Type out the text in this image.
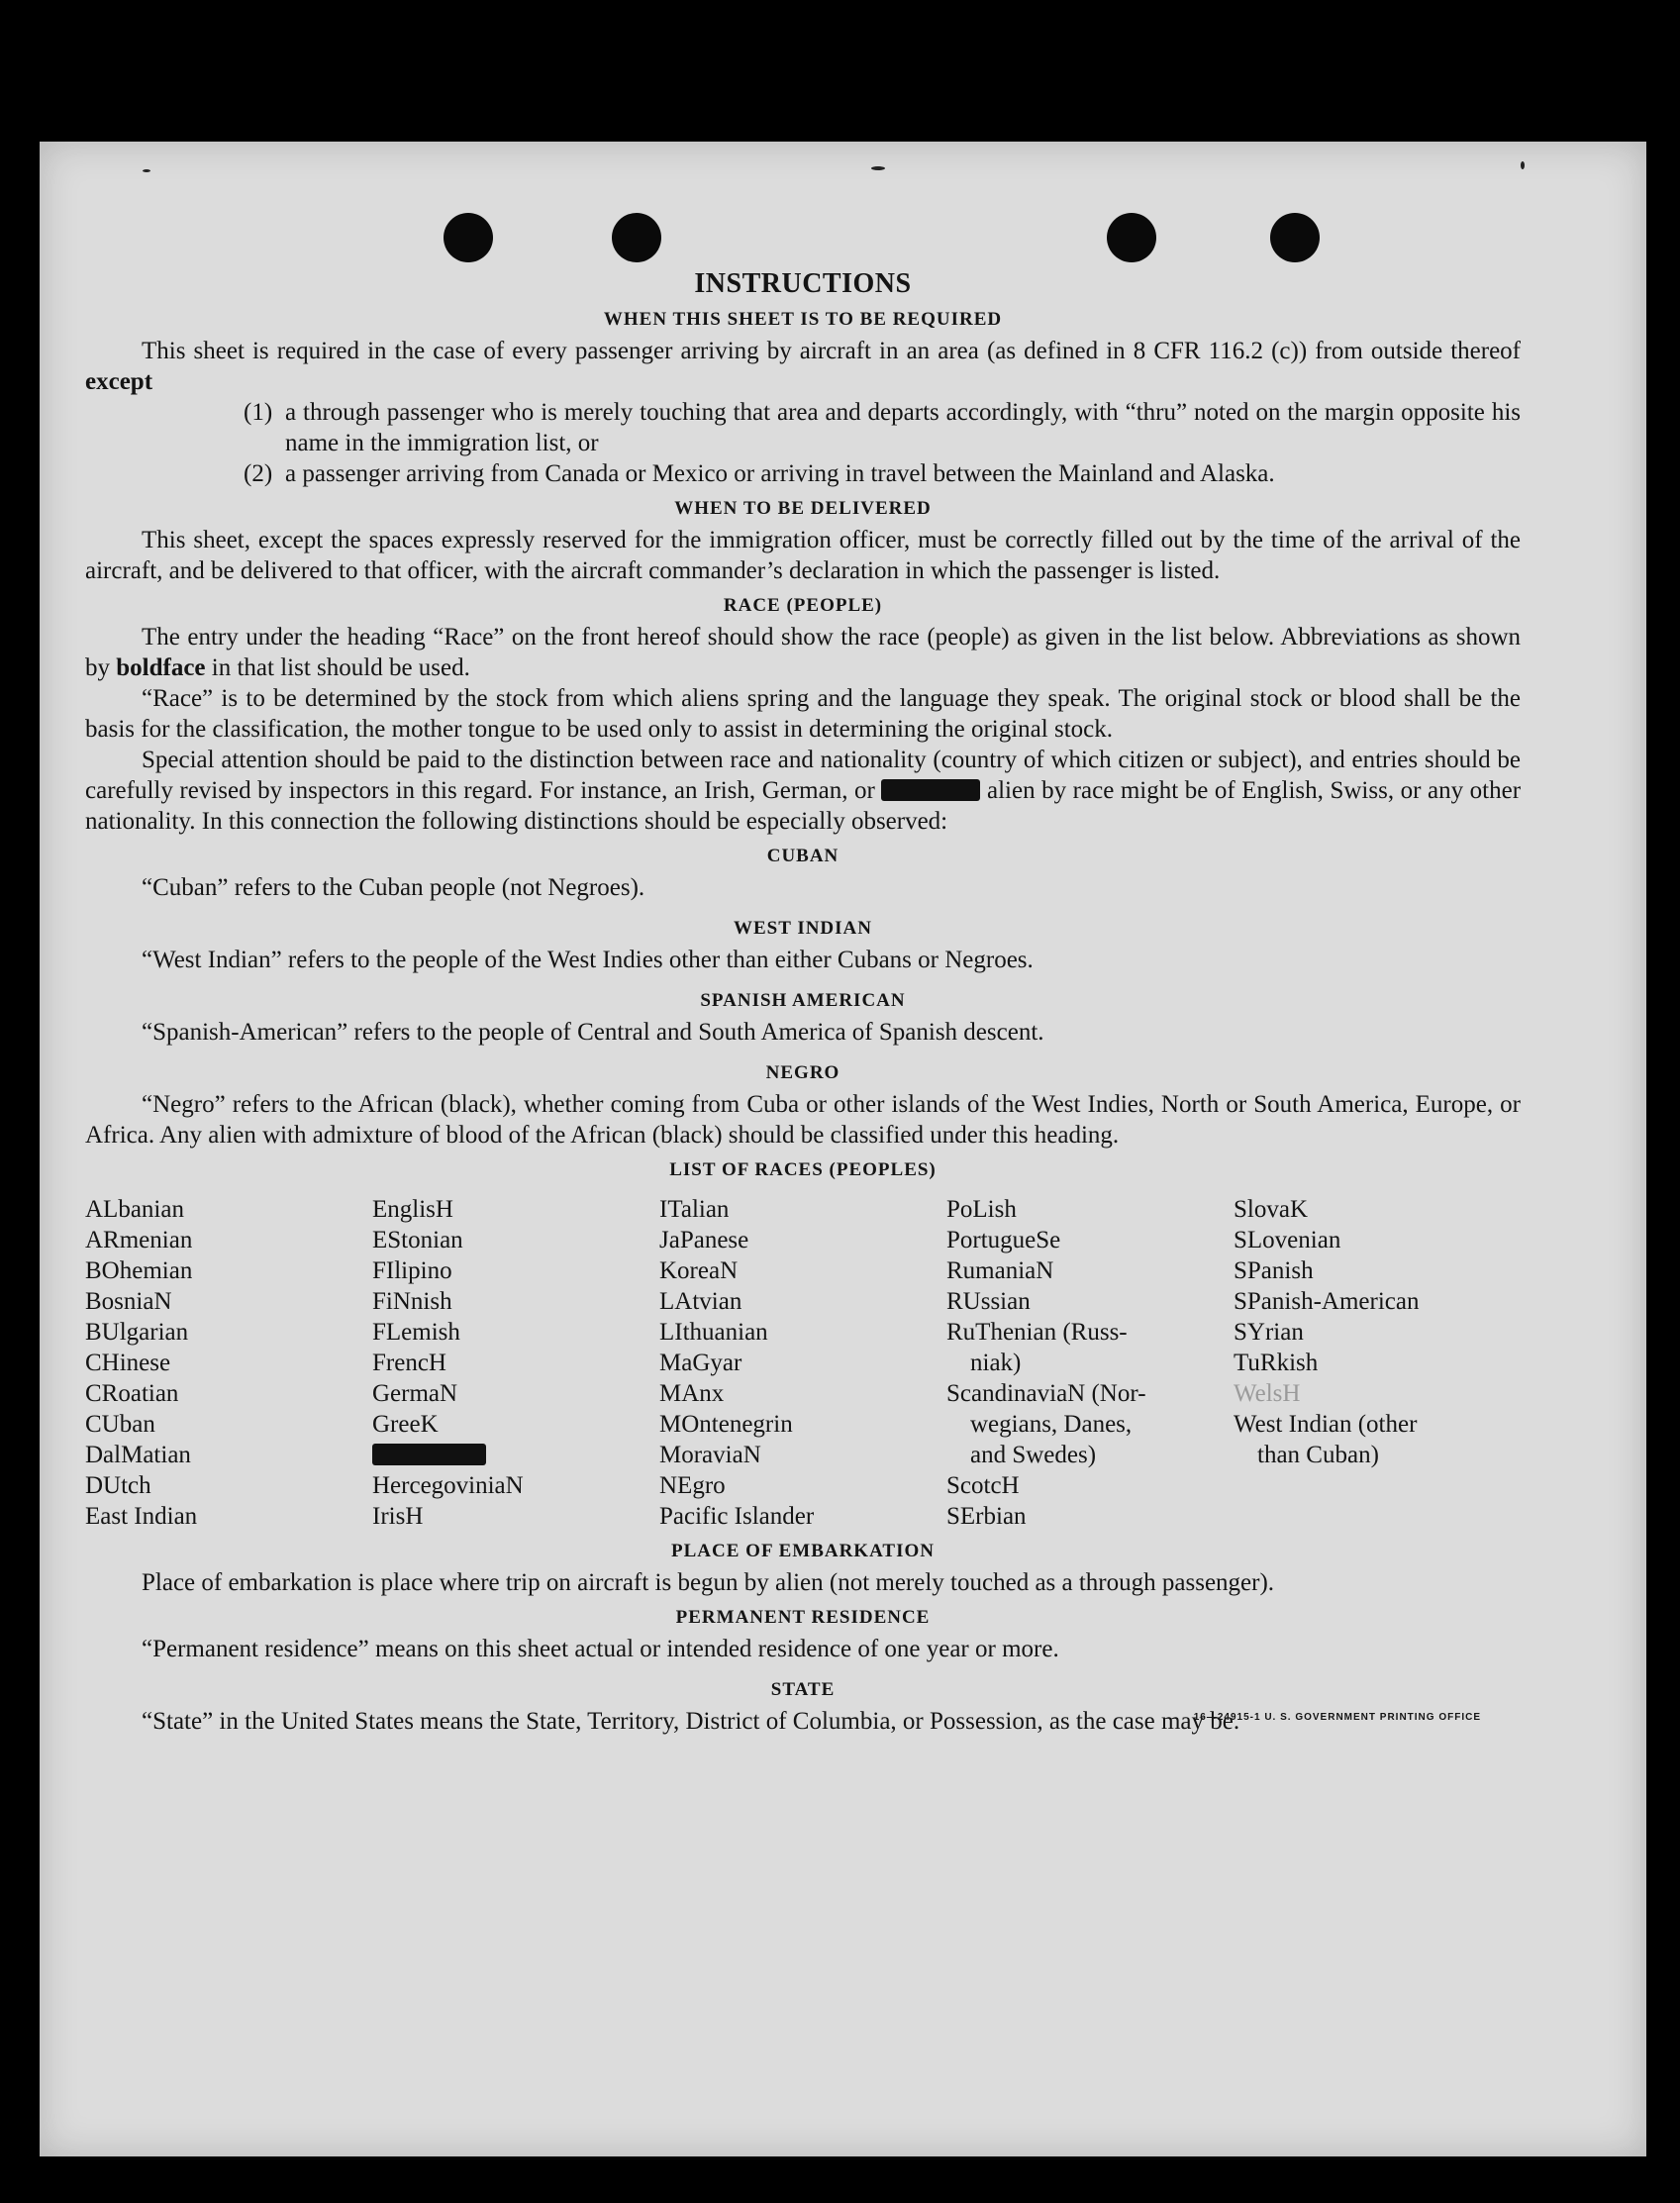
INSTRUCTIONS
WHEN THIS SHEET IS TO BE REQUIRED

This sheet is required in the case of every passenger arriving by aircraft in an area (as defined in 8 CFR 116.2 (c)) from outside thereof except

(1) a through passenger who is merely touching that area and departs accordingly, with “thru” noted on the margin opposite his name in the immigration list, or

(2) a passenger arriving from Canada or Mexico or arriving in travel between the Mainland and Alaska.

WHEN TO BE DELIVERED

This sheet, except the spaces expressly reserved for the immigration officer, must be correctly filled out by the time of the arrival of the aircraft, and be delivered to that officer, with the aircraft commander’s declaration in which the passenger is listed.

RACE (PEOPLE)

The entry under the heading “Race” on the front hereof should show the race (people) as given in the list below. Abbreviations as shown by boldface in that list should be used.

“Race” is to be determined by the stock from which aliens spring and the language they speak. The original stock or blood shall be the basis for the classification, the mother tongue to be used only to assist in determining the original stock.

Special attention should be paid to the distinction between race and nationality (country of which citizen or subject), and entries should be carefully revised by inspectors in this regard. For instance, an Irish, German, or	alien by race might be of English, Swiss, or any other nationality. In this connection the following distinctions should be especially observed:

CUBAN

“Cuban” refers to the Cuban people (not Negroes).

WEST INDIAN

“West Indian” refers to the people of the West Indies other than either Cubans or Negroes.

SPANISH AMERICAN

“Spanish-American” refers to the people of Central and South America of Spanish descent.

NEGRO

“Negro” refers to the African (black), whether coming from Cuba or other islands of the West Indies, North or South America, Europe, or Africa. Any alien with admixture of blood of the African (black) should be classified under this heading.

LIST OF RACES (PEOPLES)
ALbanian
ARmenian
BOhemian
BosniaN
BUlgarian
CHinese
CRoatian
CUban
DalMatian
DUtch
East Indian
EnglisH
EStonian
FIlipino
FiNnish
FLemish
FrencH
GermaN
GreeK
HercegoviniaN
IrisH
ITalian
JaPanese
KoreaN
LAtvian
LIthuanian
MaGyar
MAnx
MOntenegrin
MoraviaN
NEgro
Pacific Islander
PoLish
PortugueSe
RumaniaN
RUssian
RuThenian (Russ-
niak)
ScandinaviaN (Nor-
wegians, Danes,
and Swedes)
ScotcH
SErbian
SlovaK
SLovenian
SPanish
SPanish-American
SYrian
TuRkish
WelsH
West Indian (other
than Cuban)
PLACE OF EMBARKATION

Place of embarkation is place where trip on aircraft is begun by alien (not merely touched as a through passenger).

PERMANENT RESIDENCE

“Permanent residence” means on this sheet actual or intended residence of one year or more.

STATE

“State” in the United States means the State, Territory, District of Columbia, or Possession, as the case may be.

16—24915-1 U. S. GOVERNMENT PRINTING OFFICE
